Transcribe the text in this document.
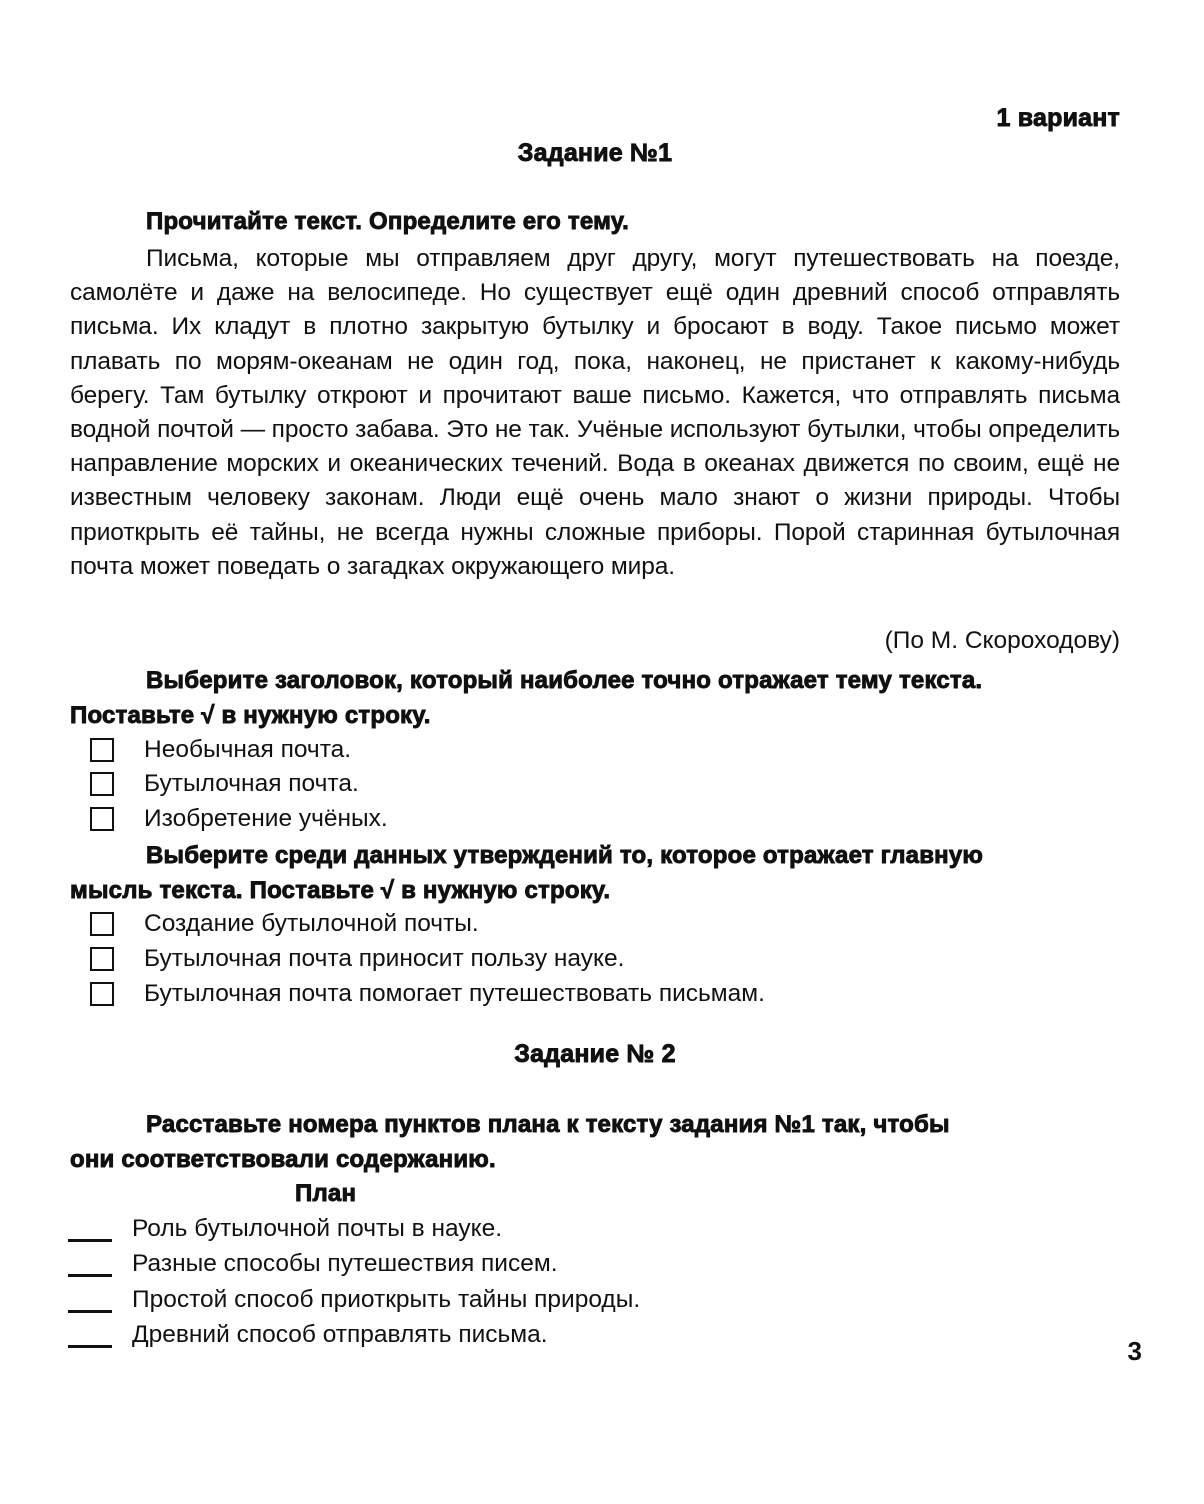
1 вариант
Задание №1
Прочитайте текст. Определите его тему.

Письма, которые мы отправляем друг другу, могут путешествовать на поезде, самолёте и даже на велосипеде. Но существует ещё один древний способ отправлять письма. Их кладут в плотно закрытую бутылку и бросают в воду. Такое письмо может плавать по морям-океанам не один год, пока, наконец, не пристанет к какому-нибудь берегу. Там бутылку откроют и прочитают ваше письмо. Кажется, что отправлять письма водной почтой — просто забава. Это не так. Учёные используют бутылки, чтобы определить направление морских и океанических течений. Вода в океанах движется по своим, ещё не известным человеку законам. Люди ещё очень мало знают о жизни природы. Чтобы приоткрыть её тайны, не всегда нужны сложные приборы. Порой старинная бутылочная почта может поведать о загадках окружающего мира.

(По М. Скороходову)
Выберите заголовок, который наиболее точно отражает тему текста.
Поставьте √ в нужную строку.
Необычная почта.
Бутылочная почта.
Изобретение учёных.
Выберите среди данных утверждений то, которое отражает главную
мысль текста. Поставьте √ в нужную строку.
Создание бутылочной почты.
Бутылочная почта приносит пользу науке.
Бутылочная почта помогает путешествовать письмам.
Задание № 2
Расставьте номера пунктов плана к тексту задания №1 так, чтобы
они соответствовали содержанию.
План
Роль бутылочной почты в науке.
Разные способы путешествия писем.
Простой способ приоткрыть тайны природы.
Древний способ отправлять письма.
3
